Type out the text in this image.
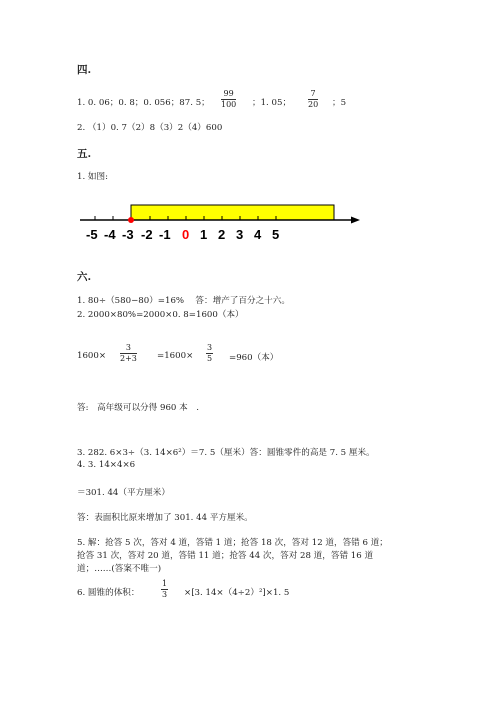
四.
1. 0. 06；0. 8；0. 056；87. 5；
99
100 ；1. 05；
7
20 ；5
2. （1）0. 7（2）8（3）2（4）600
五.
1. 如图:
-5 -4 -3 -2 -1 0 1 2 3 4 5
六.
1. 80÷（580−80）=16%　 答：增产了百分之十六。
2. 2000×80%=2000×0. 8=1600（本）
1600×
3
2+3 =1600×
3
5 =960（本）
答:　高年级可以分得 960 本　.
3. 282. 6×3÷（3. 14×6²）＝7. 5（厘米）答：圆锥零件的高是 7. 5 厘米。
4. 3. 14×4×6
＝301. 44（平方厘米）
答：表面积比原来增加了 301. 44 平方厘米。
5. 解：抢答 5 次，答对 4 道，答错 1 道；抢答 18 次，答对 12 道，答错 6 道；
抢答 31 次，答对 20 道，答错 11 道；抢答 44 次，答对 28 道，答错 16 道
道；……(答案不唯一)
6. 圆锥的体积：
1
3 ×[3. 14×（4÷2）²]×1. 5
